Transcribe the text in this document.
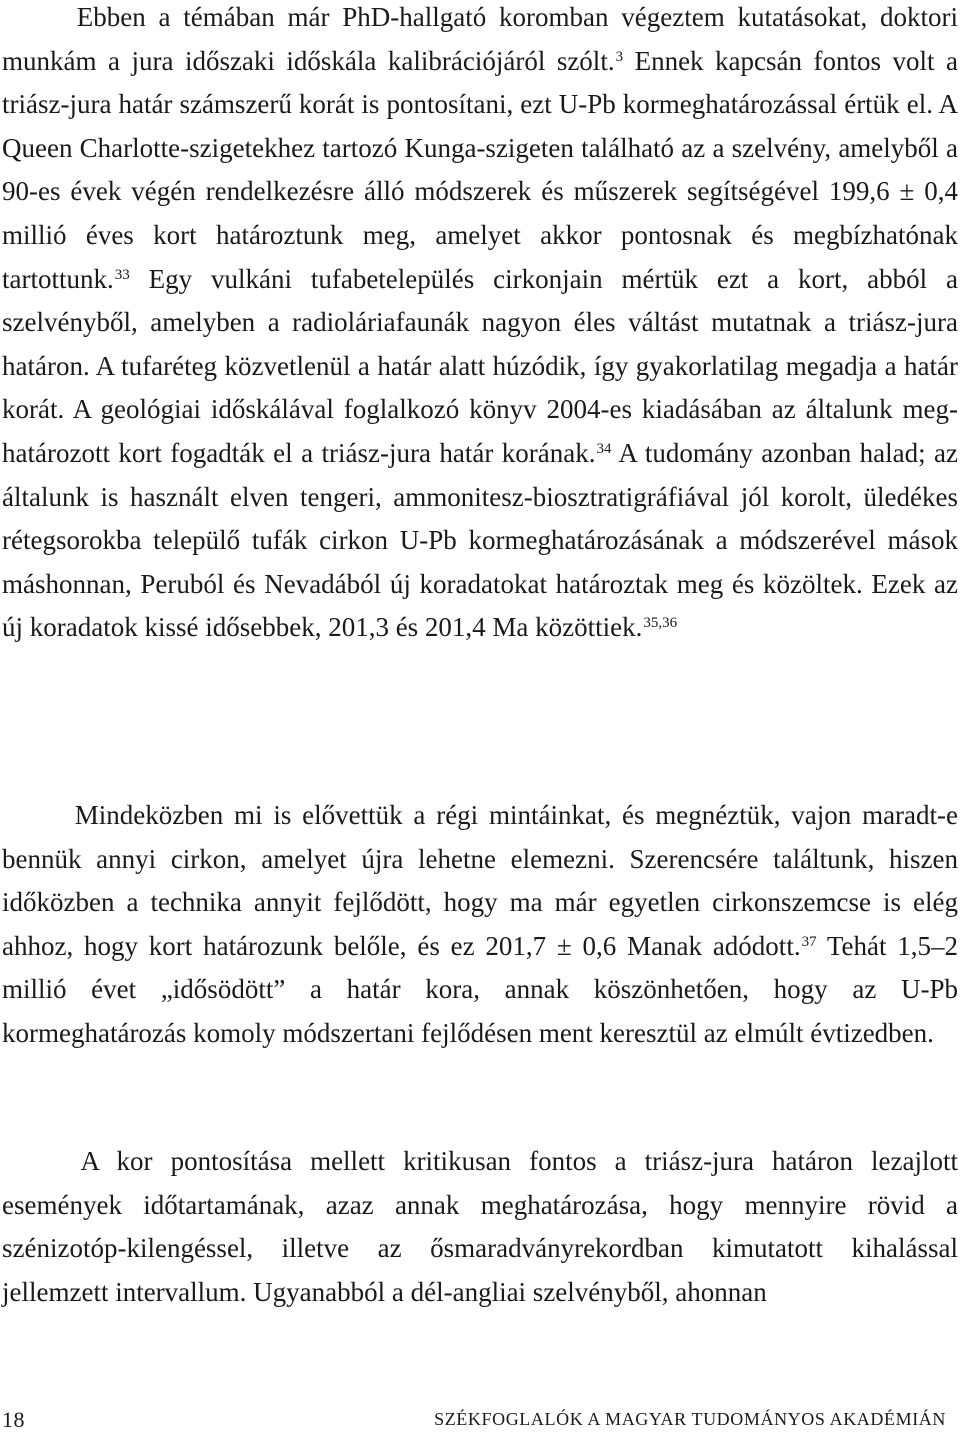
Ebben a témában már PhD-hallgató koromban végeztem kutatásokat, doktori munkám a jura időszaki időskála kalibrációjáról szólt.$^3$ Ennek kapcsán fontos volt a triász-jura határ számszerű korát is pontosítani, ezt U-Pb kormeghatározással értük el. A Queen Charlotte-szigetekhez tartozó Kunga-szigeten található az a szelvény, amelyből a 90-es évek végén rendelkezésre álló módszerek és műszerek segítségével 199,6 ± 0,4 millió éves kort határoztunk meg, amelyet akkor pontosnak és megbízhatónak tartottunk.$^{33}$ Egy vulkáni tufabetelepülés cirkonjain mértük ezt a kort, abból a szelvényből, amelyben a radioláriafaunák nagyon éles váltást mutatnak a triász-jura határon. A tufaréteg közvetlenül a határ alatt húzódik, így gyakorlatilag megadja a határ korát. A geológiai időskálával foglalkozó könyv 2004-es kiadásában az általunk meghatározott kort fogadták el a triász-jura határ korának.$^{34}$ A tudomány azonban halad; az általunk is használt elven tengeri, ammonitesz-biosztratigráfiával jól korolt, üledékes rétegsorokba települő tufák cirkon U-Pb kormeghatározásának a módszerével mások máshonnan, Peruból és Nevadából új koradatokat határoztak meg és közöltek. Ezek az új koradatok kissé idősebbek, 201,3 és 201,4 Ma közöttiek.$^{35,36}$

Mindeközben mi is elővettük a régi mintáinkat, és megnéztük, vajon maradt-e bennük annyi cirkon, amelyet újra lehetne elemezni. Szerencsére találtunk, hiszen időközben a technika annyit fejlődött, hogy ma már egyetlen cirkonszemcse is elég ahhoz, hogy kort határozunk belőle, és ez 201,7 ± 0,6 Manak adódott.$^{37}$ Tehát 1,5–2 millió évet „idősödött” a határ kora, annak köszönhetően, hogy az U-Pb kormeghatározás komoly módszertani fejlődésen ment keresztül az elmúlt évtizedben.

A kor pontosítása mellett kritikusan fontos a triász-jura határon lezajlott események időtartamának, azaz annak meghatározása, hogy mennyire rövid a szénizotóp-kilengéssel, illetve az ősmaradványrekordban kimutatott kihalással jellemzett intervallum. Ugyanabból a dél-angliai szelvényből, ahonnan

18	SZÉKFOGLALÓK A MAGYAR TUDOMÁNYOS AKADÉMIÁN
